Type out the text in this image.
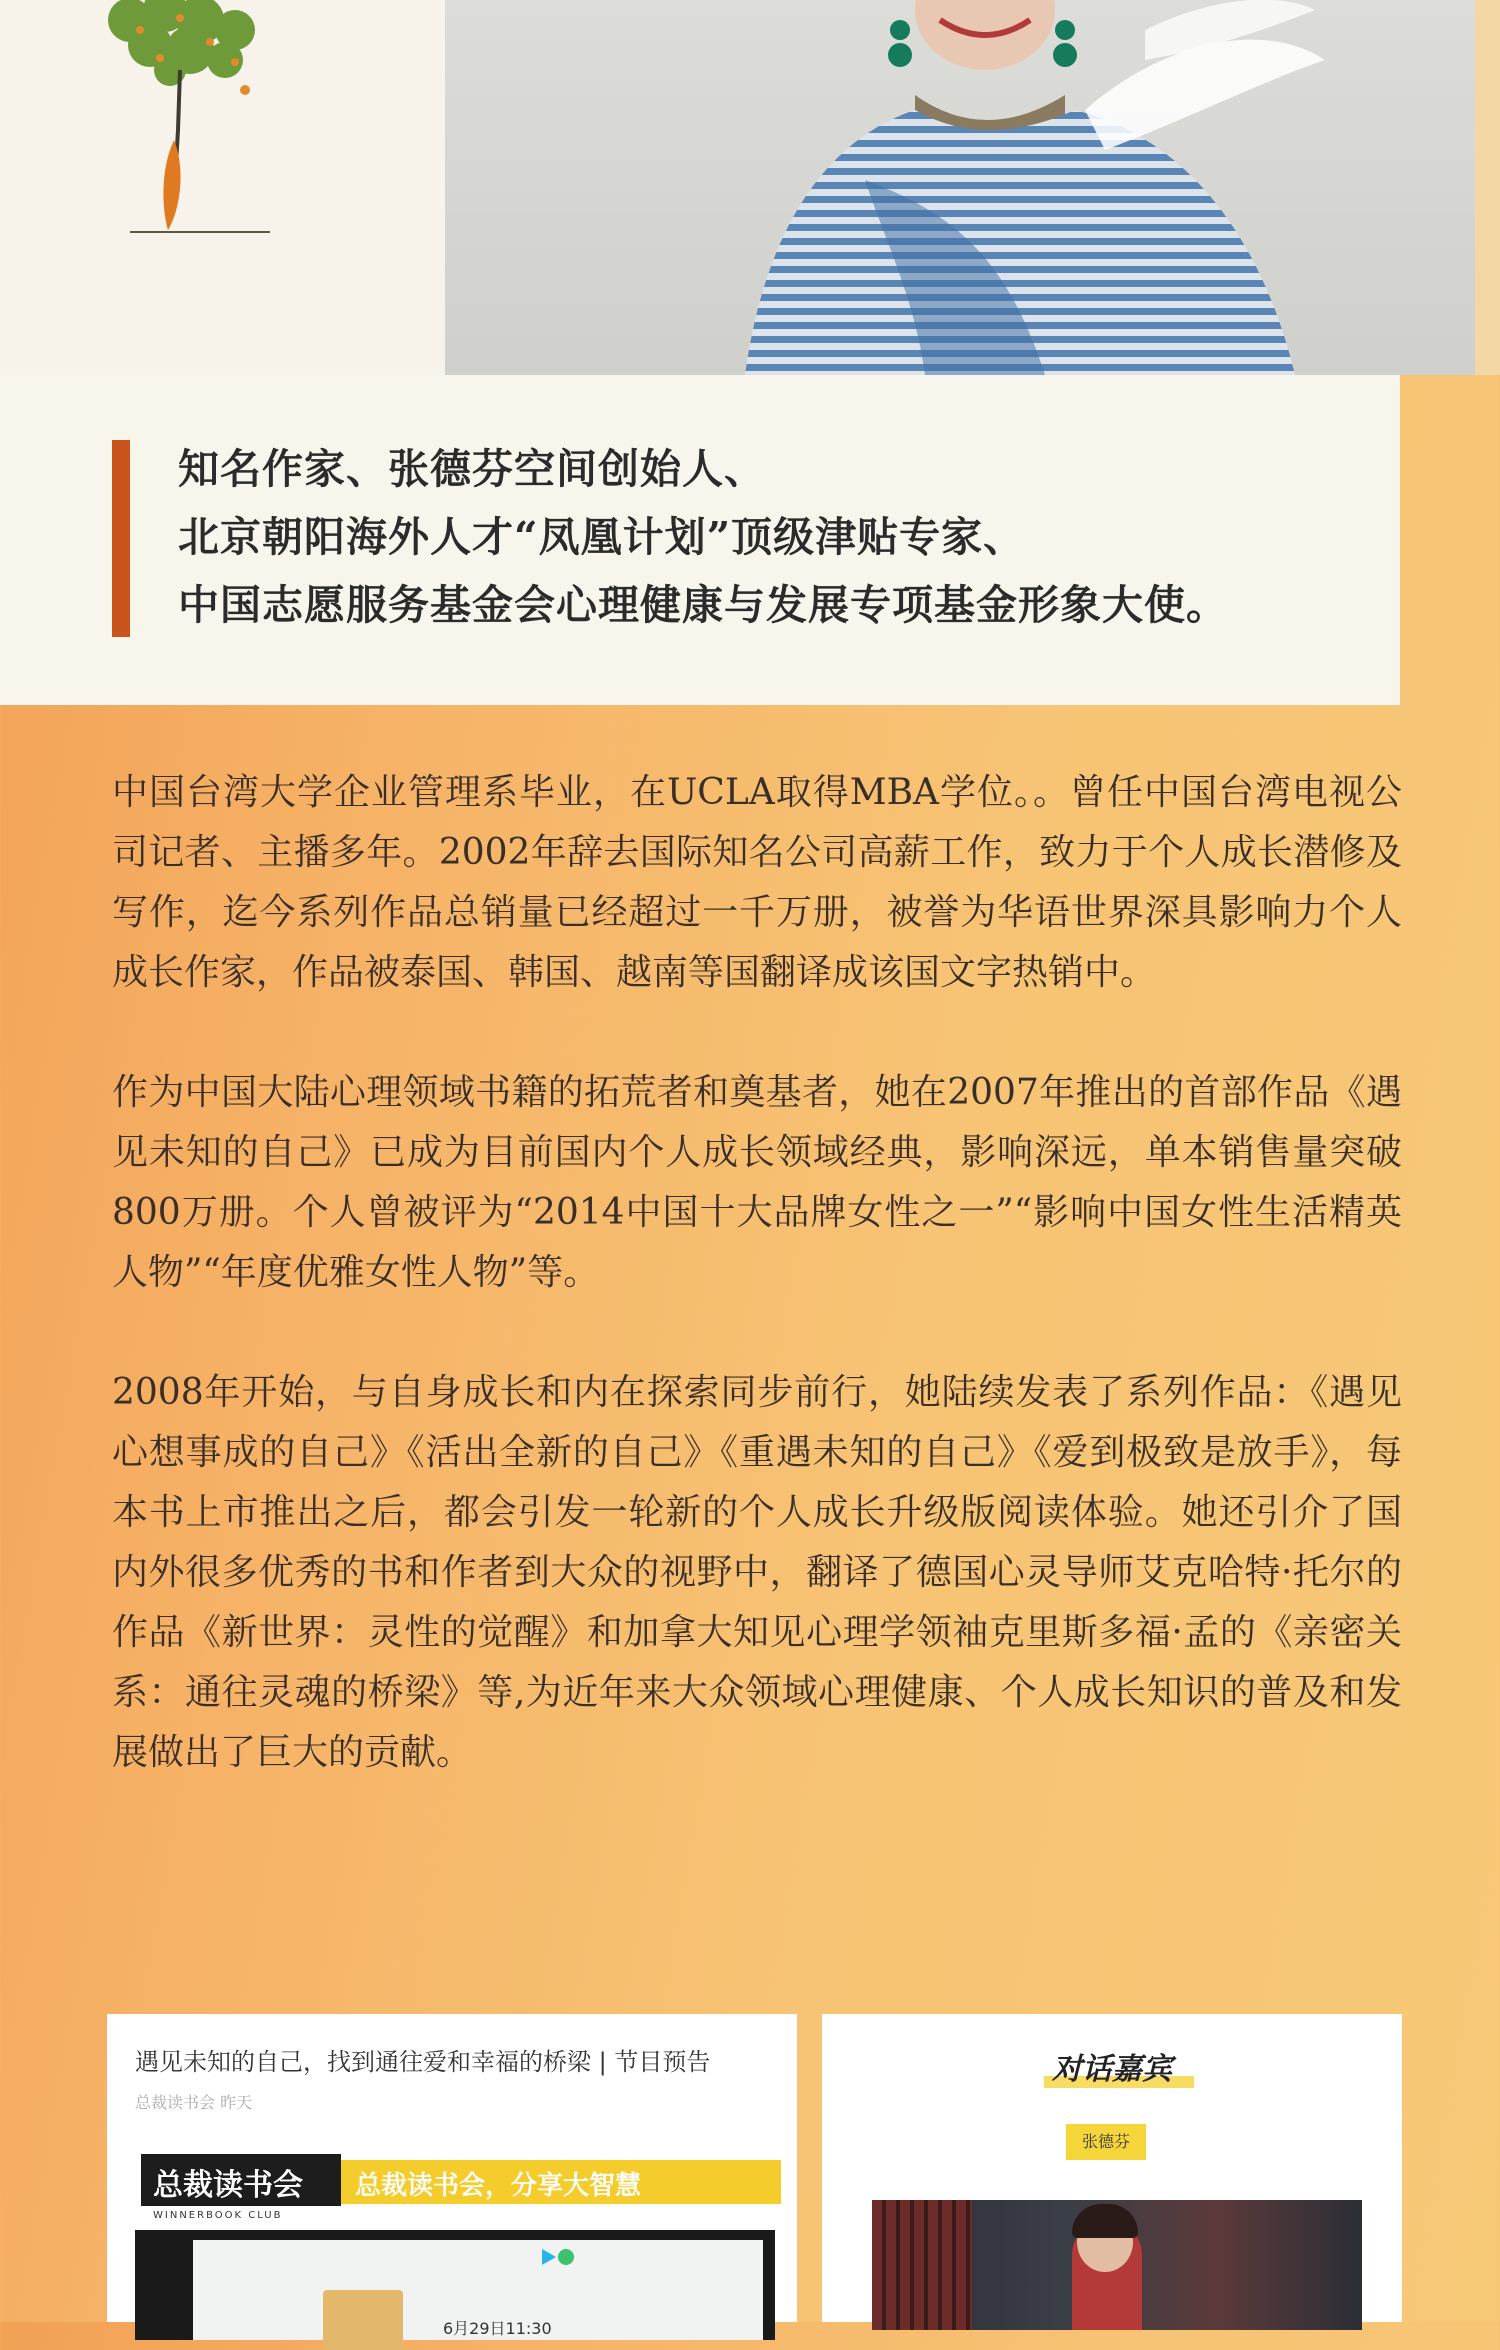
知名作家、张德芬空间创始人、
北京朝阳海外人才“凤凰计划”顶级津贴专家、
中国志愿服务基金会心理健康与发展专项基金形象大使。

中国台湾大学企业管理系毕业，在UCLA取得MBA学位。。曾任中国台湾电视公司记者、主播多年。2002年辞去国际知名公司高薪工作，致力于个人成长潜修及写作，迄今系列作品总销量已经超过一千万册，被誉为华语世界深具影响力个人成长作家，作品被泰国、韩国、越南等国翻译成该国文字热销中。

作为中国大陆心理领域书籍的拓荒者和奠基者，她在2007年推出的首部作品《遇见未知的自己》已成为目前国内个人成长领域经典，影响深远，单本销售量突破800万册。个人曾被评为“2014中国十大品牌女性之一”“影响中国女性生活精英人物”“年度优雅女性人物”等。

2008年开始，与自身成长和内在探索同步前行，她陆续发表了系列作品：《遇见心想事成的自己》《活出全新的自己》《重遇未知的自己》《爱到极致是放手》，每本书上市推出之后，都会引发一轮新的个人成长升级版阅读体验。她还引介了国内外很多优秀的书和作者到大众的视野中，翻译了德国心灵导师艾克哈特·托尔的作品《新世界：灵性的觉醒》和加拿大知见心理学领袖克里斯多福·孟的《亲密关系：通往灵魂的桥梁》等,为近年来大众领域心理健康、个人成长知识的普及和发展做出了巨大的贡献。

遇见未知的自己，找到通往爱和幸福的桥梁 | 节目预告
总裁读书会 昨天
总裁读书会
WINNERBOOK CLUB
总裁读书会，分享大智慧
6月29日11:30
对话嘉宾
张德芬
